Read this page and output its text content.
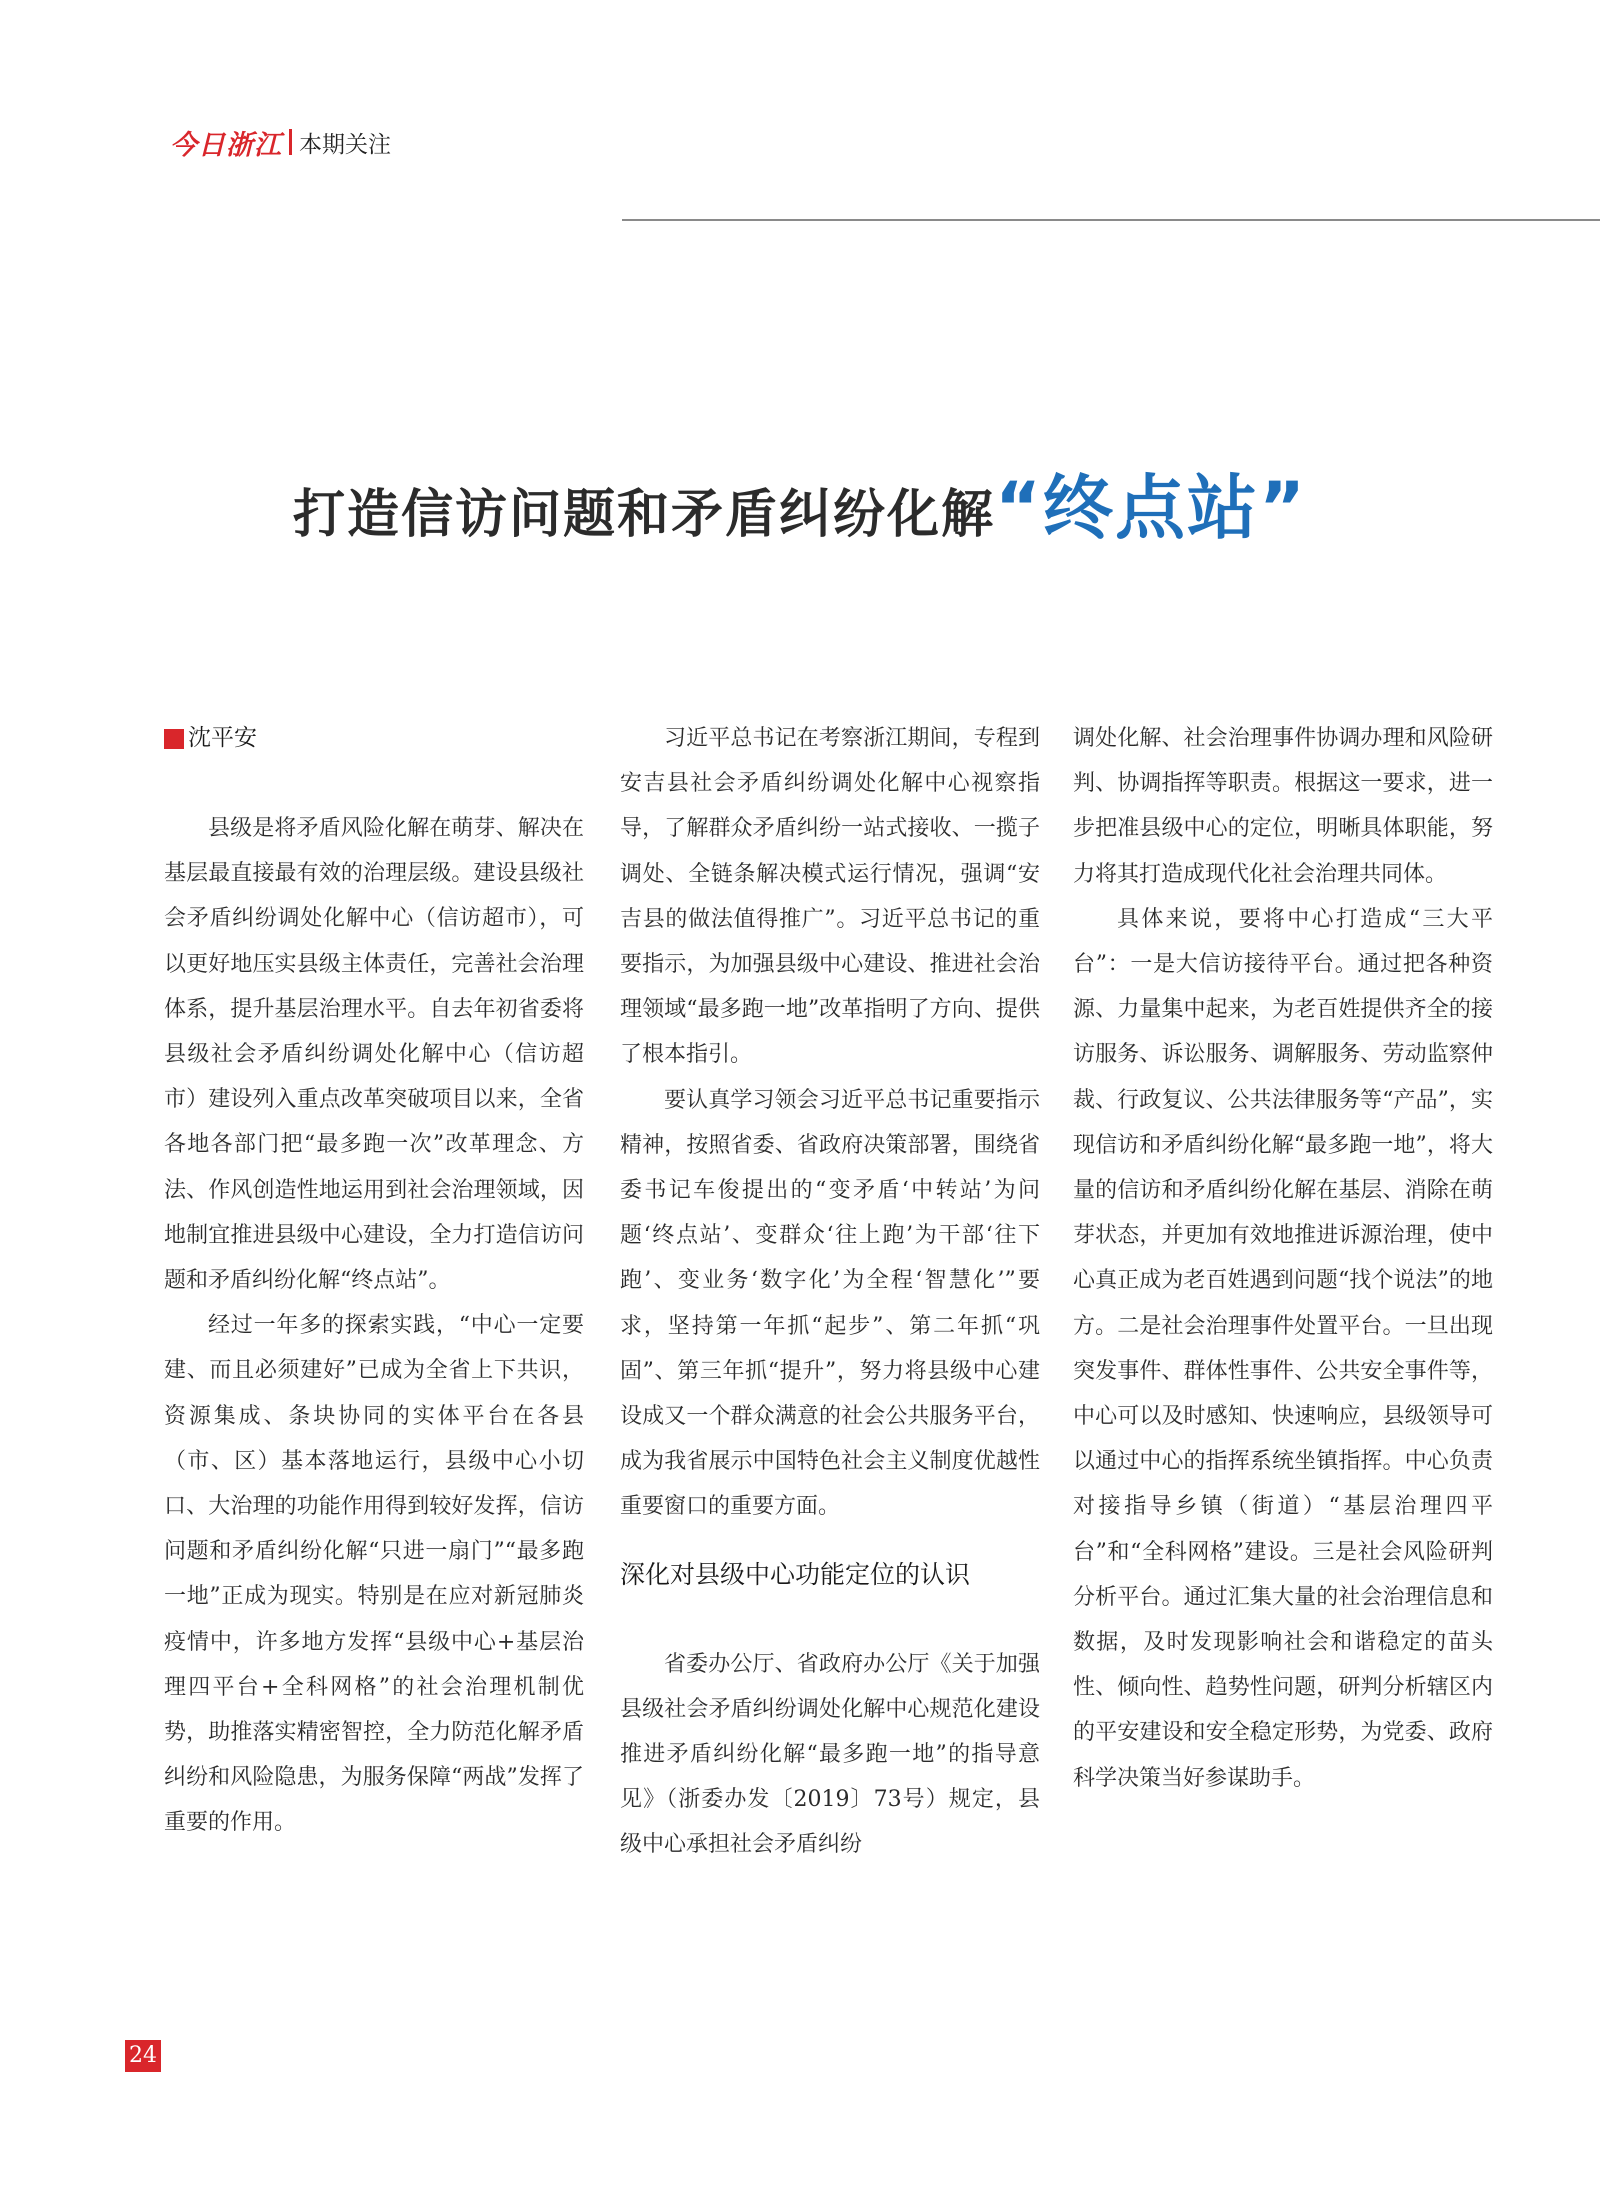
今日浙江 本期关注
打造信访问题和矛盾纠纷化解“终点站”
沈平安

县级是将矛盾风险化解在萌芽、解决在基层最直接最有效的治理层级。建设县级社会矛盾纠纷调处化解中心（信访超市），可以更好地压实县级主体责任，完善社会治理体系，提升基层治理水平。自去年初省委将县级社会矛盾纠纷调处化解中心（信访超市）建设列入重点改革突破项目以来，全省各地各部门把“最多跑一次”改革理念、方法、作风创造性地运用到社会治理领域，因地制宜推进县级中心建设，全力打造信访问题和矛盾纠纷化解“终点站”。

经过一年多的探索实践，“中心一定要建、而且必须建好”已成为全省上下共识，资源集成、条块协同的实体平台在各县（市、区）基本落地运行，县级中心小切口、大治理的功能作用得到较好发挥，信访问题和矛盾纠纷化解“只进一扇门”“最多跑一地”正成为现实。特别是在应对新冠肺炎疫情中，许多地方发挥“县级中心+基层治理四平台+全科网格”的社会治理机制优势，助推落实精密智控，全力防范化解矛盾纠纷和风险隐患，为服务保障“两战”发挥了重要的作用。

习近平总书记在考察浙江期间，专程到安吉县社会矛盾纠纷调处化解中心视察指导，了解群众矛盾纠纷一站式接收、一揽子调处、全链条解决模式运行情况，强调“安吉县的做法值得推广”。习近平总书记的重要指示，为加强县级中心建设、推进社会治理领域“最多跑一地”改革指明了方向、提供了根本指引。

要认真学习领会习近平总书记重要指示精神，按照省委、省政府决策部署，围绕省委书记车俊提出的“变矛盾‘中转站’为问题‘终点站’、变群众‘往上跑’为干部‘往下跑’、变业务‘数字化’为全程‘智慧化’”要求，坚持第一年抓“起步”、第二年抓“巩固”、第三年抓“提升”，努力将县级中心建设成又一个群众满意的社会公共服务平台，成为我省展示中国特色社会主义制度优越性重要窗口的重要方面。

深化对县级中心功能定位的认识

省委办公厅、省政府办公厅《关于加强县级社会矛盾纠纷调处化解中心规范化建设推进矛盾纠纷化解“最多跑一地”的指导意见》（浙委办发〔2019〕73号）规定，县级中心承担社会矛盾纠纷

调处化解、社会治理事件协调办理和风险研判、协调指挥等职责。根据这一要求，进一步把准县级中心的定位，明晰具体职能，努力将其打造成现代化社会治理共同体。

具体来说，要将中心打造成“三大平台”：一是大信访接待平台。通过把各种资源、力量集中起来，为老百姓提供齐全的接访服务、诉讼服务、调解服务、劳动监察仲裁、行政复议、公共法律服务等“产品”，实现信访和矛盾纠纷化解“最多跑一地”，将大量的信访和矛盾纠纷化解在基层、消除在萌芽状态，并更加有效地推进诉源治理，使中心真正成为老百姓遇到问题“找个说法”的地方。二是社会治理事件处置平台。一旦出现突发事件、群体性事件、公共安全事件等，中心可以及时感知、快速响应，县级领导可以通过中心的指挥系统坐镇指挥。中心负责对接指导乡镇（街道）“基层治理四平台”和“全科网格”建设。三是社会风险研判分析平台。通过汇集大量的社会治理信息和数据，及时发现影响社会和谐稳定的苗头性、倾向性、趋势性问题，研判分析辖区内的平安建设和安全稳定形势，为党委、政府科学决策当好参谋助手。

24
